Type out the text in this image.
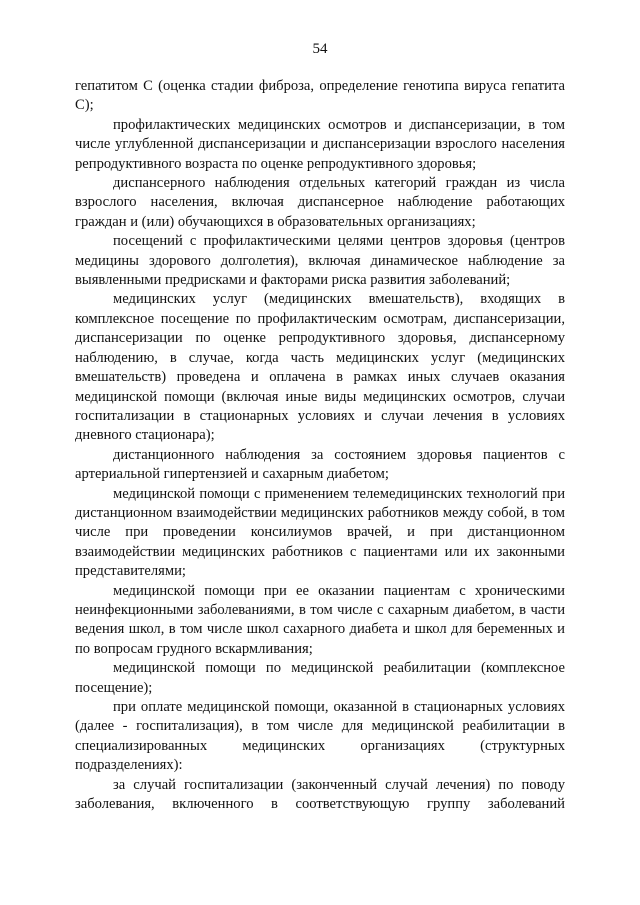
54

гепатитом С (оценка стадии фиброза, определение генотипа вируса гепатита С);

профилактических медицинских осмотров и диспансеризации, в том числе углубленной диспансеризации и диспансеризации взрослого населения репродуктивного возраста по оценке репродуктивного здоровья;

диспансерного наблюдения отдельных категорий граждан из числа взрослого населения, включая диспансерное наблюдение работающих граждан и (или) обучающихся в образовательных организациях;

посещений с профилактическими целями центров здоровья (центров медицины здорового долголетия), включая динамическое наблюдение за выявленными предрисками и факторами риска развития заболеваний;

медицинских услуг (медицинских вмешательств), входящих в комплексное посещение по профилактическим осмотрам, диспансеризации, диспансеризации по оценке репродуктивного здоровья, диспансерному наблюдению, в случае, когда часть медицинских услуг (медицинских вмешательств) проведена и оплачена в рамках иных случаев оказания медицинской помощи (включая иные виды медицинских осмотров, случаи госпитализации в стационарных условиях и случаи лечения в условиях дневного стационара);

дистанционного наблюдения за состоянием здоровья пациентов с артериальной гипертензией и сахарным диабетом;

медицинской помощи с применением телемедицинских технологий при дистанционном взаимодействии медицинских работников между собой, в том числе при проведении консилиумов врачей, и при дистанционном взаимодействии медицинских работников с пациентами или их законными представителями;

медицинской помощи при ее оказании пациентам с хроническими неинфекционными заболеваниями, в том числе с сахарным диабетом, в части ведения школ, в том числе школ сахарного диабета и школ для беременных и по вопросам грудного вскармливания;

медицинской помощи по медицинской реабилитации (комплексное посещение);

при оплате медицинской помощи, оказанной в стационарных условиях (далее - госпитализация), в том числе для медицинской реабилитации в специализированных медицинских организациях (структурных подразделениях):

за случай госпитализации (законченный случай лечения) по поводу заболевания, включенного в соответствующую группу заболеваний
